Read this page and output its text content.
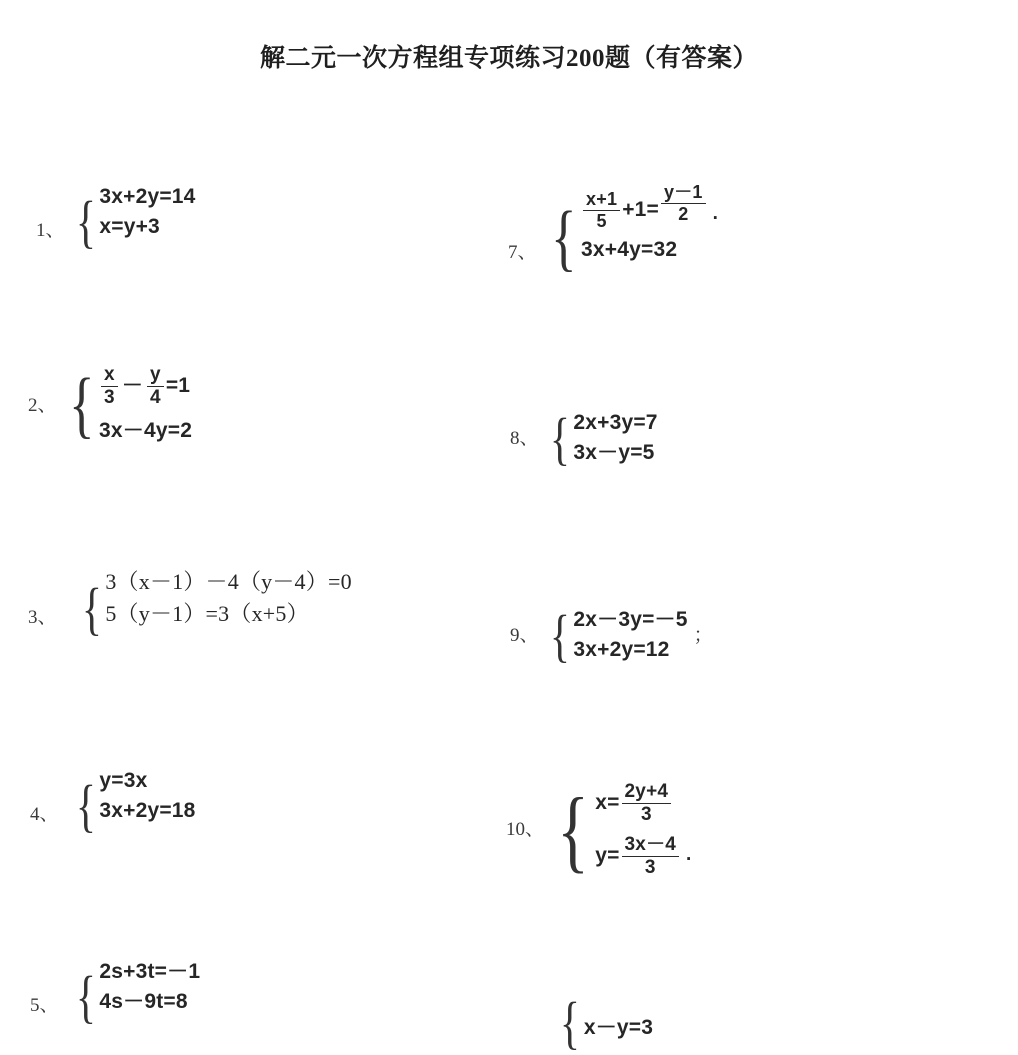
解二元一次方程组专项练习200题（有答案）
1、 { 3x+2y=14
x=y+3
2、 { $\frac{x}{3} - \frac{y}{4} =1$
3x－4y=2
3、 { 3（x－1）－4（y－4）=0
5（y－1）=3（x+5）
4、 { y=3x
3x+2y=18
5、 { 2s+3t=－1
4s－9t=8
7、 { $\frac{x+1}{5} +1= \frac{y-1}{2}$ .
3x+4y=32
8、 { 2x+3y=7
3x－y=5
9、 { 2x－3y=－5
3x+2y=12
；
10、 { $x= \frac{2y+4}{3}$
$y= \frac{3x-4}{3}$ .
{ x－y=3
